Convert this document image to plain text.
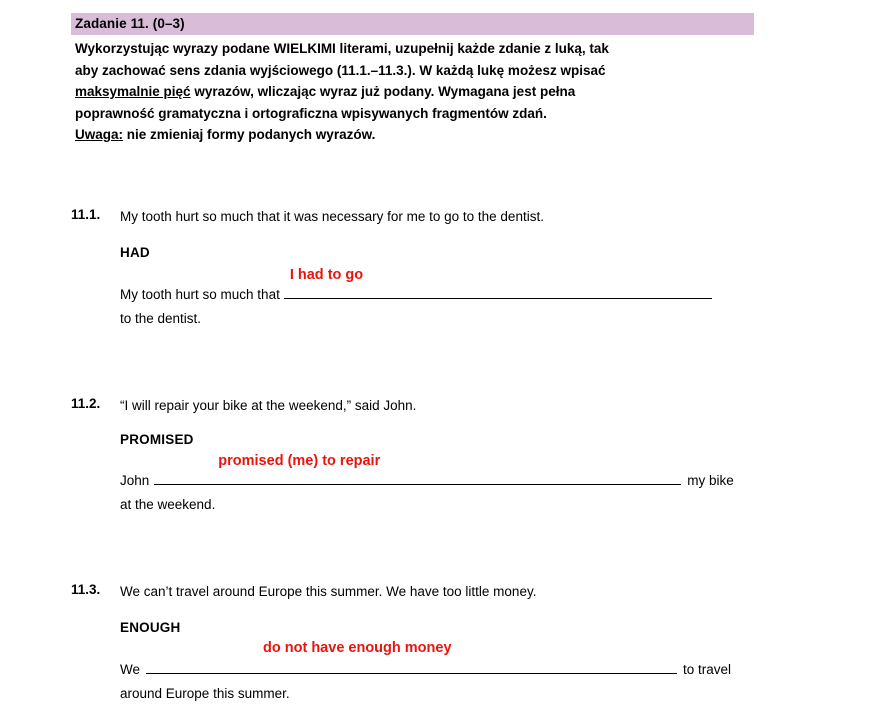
Zadanie 11. (0–3)
Wykorzystując wyrazy podane WIELKIMI literami, uzupełnij każde zdanie z luką, tak
aby zachować sens zdania wyjściowego (11.1.–11.3.). W każdą lukę możesz wpisać
maksymalnie pięć wyrazów, wliczając wyraz już podany. Wymagana jest pełna
poprawność gramatyczna i ortograficzna wpisywanych fragmentów zdań.
Uwaga: nie zmieniaj formy podanych wyrazów.
11.1. My tooth hurt so much that it was necessary for me to go to the dentist.
HAD
My tooth hurt so much that
I had to go
to the dentist.
11.2. “I will repair your bike at the weekend,” said John.
PROMISED
John
promised (me) to repair
my bike
at the weekend.
11.3. We can’t travel around Europe this summer. We have too little money.
ENOUGH
We
do not have enough money
to travel
around Europe this summer.
